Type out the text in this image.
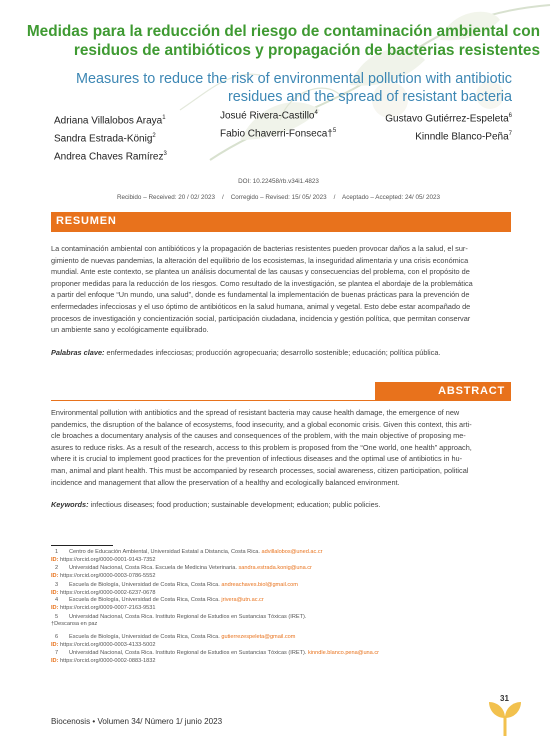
Medidas para la reducción del riesgo de contaminación ambiental con
residuos de antibióticos y propagación de bacterias resistentes
Measures to reduce the risk of environmental pollution with antibiotic
residues and the spread of resistant bacteria
Adriana Villalobos Araya$^1$
Sandra Estrada-König$^2$
Andrea Chaves Ramírez$^3$
Josué Rivera-Castillo$^4$
Fabio Chaverri-Fonseca†$^5$
Gustavo Gutiérrez-Espeleta$^6$
Kinndle Blanco-Peña$^7$
DOI: 10.22458/rb.v34i1.4823
Recibido – Received: 20 / 02/ 2023    /    Corregido – Revised: 15/ 05/ 2023    /    Aceptado – Accepted: 24/ 05/ 2023
RESUMEN
La contaminación ambiental con antibióticos y la propagación de bacterias resistentes pueden provocar daños a la salud, el sur-
gimiento de nuevas pandemias, la alteración del equilibrio de los ecosistemas, la inseguridad alimentaria y una crisis económica
mundial. Ante este contexto, se plantea un análisis documental de las causas y consecuencias del problema, con el propósito de
proponer medidas para la reducción de los riesgos. Como resultado de la investigación, se plantea el abordaje de la problemática
a partir del enfoque “Un mundo, una salud”, donde es fundamental la implementación de buenas prácticas para la prevención de
enfermedades infecciosas y el uso óptimo de antibióticos en la salud humana, animal y vegetal. Esto debe estar acompañado de
procesos de investigación y concientización social, participación ciudadana, incidencia y gestión política, que permitan conservar
un ambiente sano y ecológicamente equilibrado.
Palabras clave: enfermedades infecciosas; producción agropecuaria; desarrollo sostenible; educación; política pública.
ABSTRACT
Environmental pollution with antibiotics and the spread of resistant bacteria may cause health damage, the emergence of new
pandemics, the disruption of the balance of ecosystems, food insecurity, and a global economic crisis. Given this context, this arti-
cle broaches a documentary analysis of the causes and consequences of the problem, with the main objective of proposing me-
asures to reduce risks. As a result of the research, access to this problem is proposed from the “One world, one health” approach,
where it is crucial to implement good practices for the prevention of infectious diseases and the optimal use of antibiotics in hu-
man, animal and plant health. This must be accompanied by research processes, social awareness, citizen participation, political
incidence and management that allow the preservation of a healthy and ecologically balanced environment.
Keywords: infectious diseases; food production; sustainable development; education; public policies.
1 Centro de Educación Ambiental, Universidad Estatal a Distancia, Costa Rica. advillalobos@uned.ac.cr
ID: https://orcid.org/0000-0001-9143-7352
2 Universidad Nacional, Costa Rica. Escuela de Medicina Veterinaria. sandra.estrada.konig@una.cr
ID: https://orcid.org/0000-0003-0786-5552
3 Escuela de Biología, Universidad de Costa Rica, Costa Rica. andreachaves.biol@gmail.com
ID: https://orcid.org/0000-0002-6237-0678
4 Escuela de Biología, Universidad de Costa Rica, Costa Rica. jrivera@utn.ac.cr
ID: https://orcid.org/0009-0007-2163-9531
5 Universidad Nacional, Costa Rica. Instituto Regional de Estudios en Sustancias Tóxicas (IRET).
†Descansa en paz
6 Escuela de Biología, Universidad de Costa Rica, Costa Rica. gutierrezespeleta@gmail.com
ID: https://orcid.org/0000-0003-4133-5002
7 Universidad Nacional, Costa Rica. Instituto Regional de Estudios en Sustancias Tóxicas (IRET). kinndle.blanco.pena@una.cr
ID: https://orcid.org/0000-0002-0883-1832
31
Biocenosis • Volumen 34/ Número 1/ junio 2023
